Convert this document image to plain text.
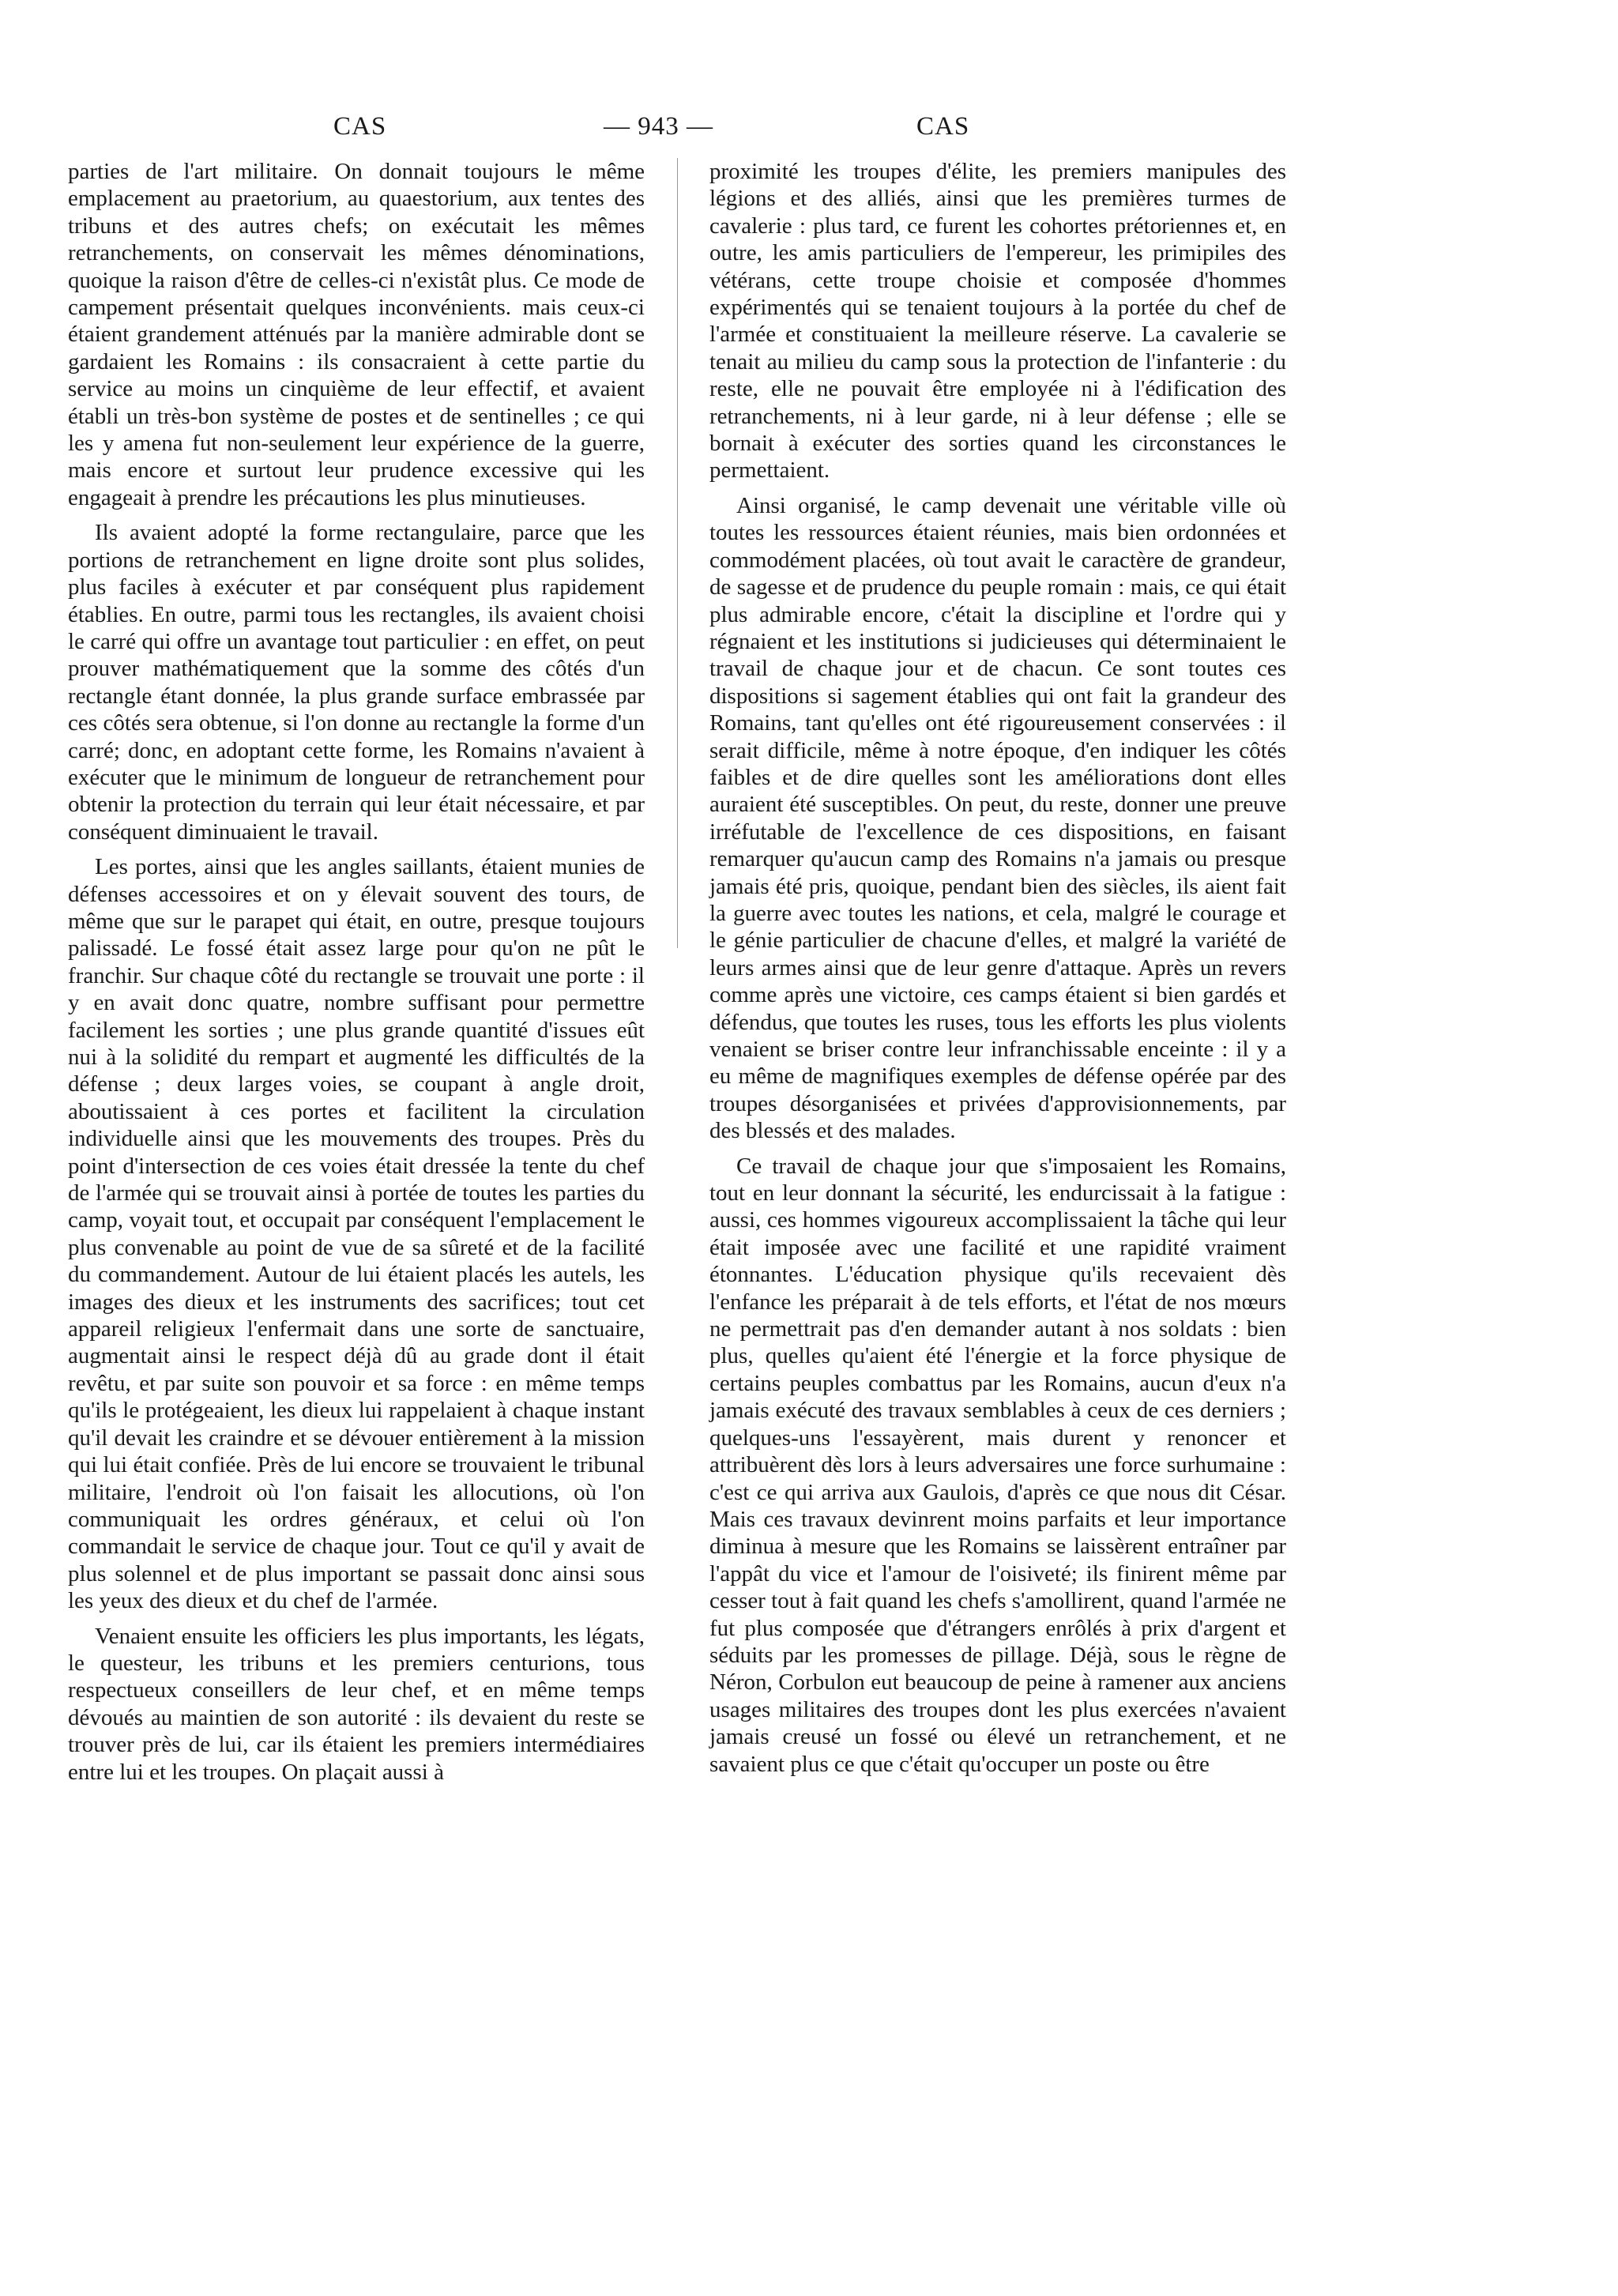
CAS	— 943 —	CAS

parties de l'art militaire. On donnait toujours le même emplacement au praetorium, au quaestorium, aux tentes des tribuns et des autres chefs; on exécutait les mêmes retranchements, on conservait les mêmes dénominations, quoique la raison d'être de celles-ci n'existât plus. Ce mode de campement présentait quelques inconvénients. mais ceux-ci étaient grandement atténués par la manière admirable dont se gardaient les Romains : ils consacraient à cette partie du service au moins un cinquième de leur effectif, et avaient établi un très-bon système de postes et de sentinelles ; ce qui les y amena fut non-seulement leur expérience de la guerre, mais encore et surtout leur prudence excessive qui les engageait à prendre les précautions les plus minutieuses.

Ils avaient adopté la forme rectangulaire, parce que les portions de retranchement en ligne droite sont plus solides, plus faciles à exécuter et par conséquent plus rapidement établies. En outre, parmi tous les rectangles, ils avaient choisi le carré qui offre un avantage tout particulier : en effet, on peut prouver mathématiquement que la somme des côtés d'un rectangle étant donnée, la plus grande surface embrassée par ces côtés sera obtenue, si l'on donne au rectangle la forme d'un carré; donc, en adoptant cette forme, les Romains n'avaient à exécuter que le minimum de longueur de retranchement pour obtenir la protection du terrain qui leur était nécessaire, et par conséquent diminuaient le travail.

Les portes, ainsi que les angles saillants, étaient munies de défenses accessoires et on y élevait souvent des tours, de même que sur le parapet qui était, en outre, presque toujours palissadé. Le fossé était assez large pour qu'on ne pût le franchir. Sur chaque côté du rectangle se trouvait une porte : il y en avait donc quatre, nombre suffisant pour permettre facilement les sorties ; une plus grande quantité d'issues eût nui à la solidité du rempart et augmenté les difficultés de la défense ; deux larges voies, se coupant à angle droit, aboutissaient à ces portes et facilitent la circulation individuelle ainsi que les mouvements des troupes. Près du point d'intersection de ces voies était dressée la tente du chef de l'armée qui se trouvait ainsi à portée de toutes les parties du camp, voyait tout, et occupait par conséquent l'emplacement le plus convenable au point de vue de sa sûreté et de la facilité du commandement. Autour de lui étaient placés les autels, les images des dieux et les instruments des sacrifices; tout cet appareil religieux l'enfermait dans une sorte de sanctuaire, augmentait ainsi le respect déjà dû au grade dont il était revêtu, et par suite son pouvoir et sa force : en même temps qu'ils le protégeaient, les dieux lui rappelaient à chaque instant qu'il devait les craindre et se dévouer entièrement à la mission qui lui était confiée. Près de lui encore se trouvaient le tribunal militaire, l'endroit où l'on faisait les allocutions, où l'on communiquait les ordres généraux, et celui où l'on commandait le service de chaque jour. Tout ce qu'il y avait de plus solennel et de plus important se passait donc ainsi sous les yeux des dieux et du chef de l'armée.

Venaient ensuite les officiers les plus importants, les légats, le questeur, les tribuns et les premiers centurions, tous respectueux conseillers de leur chef, et en même temps dévoués au maintien de son autorité : ils devaient du reste se trouver près de lui, car ils étaient les premiers intermédiaires entre lui et les troupes. On plaçait aussi à

proximité les troupes d'élite, les premiers manipules des légions et des alliés, ainsi que les premières turmes de cavalerie : plus tard, ce furent les cohortes prétoriennes et, en outre, les amis particuliers de l'empereur, les primipiles des vétérans, cette troupe choisie et composée d'hommes expérimentés qui se tenaient toujours à la portée du chef de l'armée et constituaient la meilleure réserve. La cavalerie se tenait au milieu du camp sous la protection de l'infanterie : du reste, elle ne pouvait être employée ni à l'édification des retranchements, ni à leur garde, ni à leur défense ; elle se bornait à exécuter des sorties quand les circonstances le permettaient.

Ainsi organisé, le camp devenait une véritable ville où toutes les ressources étaient réunies, mais bien ordonnées et commodément placées, où tout avait le caractère de grandeur, de sagesse et de prudence du peuple romain : mais, ce qui était plus admirable encore, c'était la discipline et l'ordre qui y régnaient et les institutions si judicieuses qui déterminaient le travail de chaque jour et de chacun. Ce sont toutes ces dispositions si sagement établies qui ont fait la grandeur des Romains, tant qu'elles ont été rigoureusement conservées : il serait difficile, même à notre époque, d'en indiquer les côtés faibles et de dire quelles sont les améliorations dont elles auraient été susceptibles. On peut, du reste, donner une preuve irréfutable de l'excellence de ces dispositions, en faisant remarquer qu'aucun camp des Romains n'a jamais ou presque jamais été pris, quoique, pendant bien des siècles, ils aient fait la guerre avec toutes les nations, et cela, malgré le courage et le génie particulier de chacune d'elles, et malgré la variété de leurs armes ainsi que de leur genre d'attaque. Après un revers comme après une victoire, ces camps étaient si bien gardés et défendus, que toutes les ruses, tous les efforts les plus violents venaient se briser contre leur infranchissable enceinte : il y a eu même de magnifiques exemples de défense opérée par des troupes désorganisées et privées d'approvisionnements, par des blessés et des malades.

Ce travail de chaque jour que s'imposaient les Romains, tout en leur donnant la sécurité, les endurcissait à la fatigue : aussi, ces hommes vigoureux accomplissaient la tâche qui leur était imposée avec une facilité et une rapidité vraiment étonnantes. L'éducation physique qu'ils recevaient dès l'enfance les préparait à de tels efforts, et l'état de nos mœurs ne permettrait pas d'en demander autant à nos soldats : bien plus, quelles qu'aient été l'énergie et la force physique de certains peuples combattus par les Romains, aucun d'eux n'a jamais exécuté des travaux semblables à ceux de ces derniers ; quelques-uns l'essayèrent, mais durent y renoncer et attribuèrent dès lors à leurs adversaires une force surhumaine : c'est ce qui arriva aux Gaulois, d'après ce que nous dit César. Mais ces travaux devinrent moins parfaits et leur importance diminua à mesure que les Romains se laissèrent entraîner par l'appât du vice et l'amour de l'oisiveté; ils finirent même par cesser tout à fait quand les chefs s'amollirent, quand l'armée ne fut plus composée que d'étrangers enrôlés à prix d'argent et séduits par les promesses de pillage. Déjà, sous le règne de Néron, Corbulon eut beaucoup de peine à ramener aux anciens usages militaires des troupes dont les plus exercées n'avaient jamais creusé un fossé ou élevé un retranchement, et ne savaient plus ce que c'était qu'occuper un poste ou être
